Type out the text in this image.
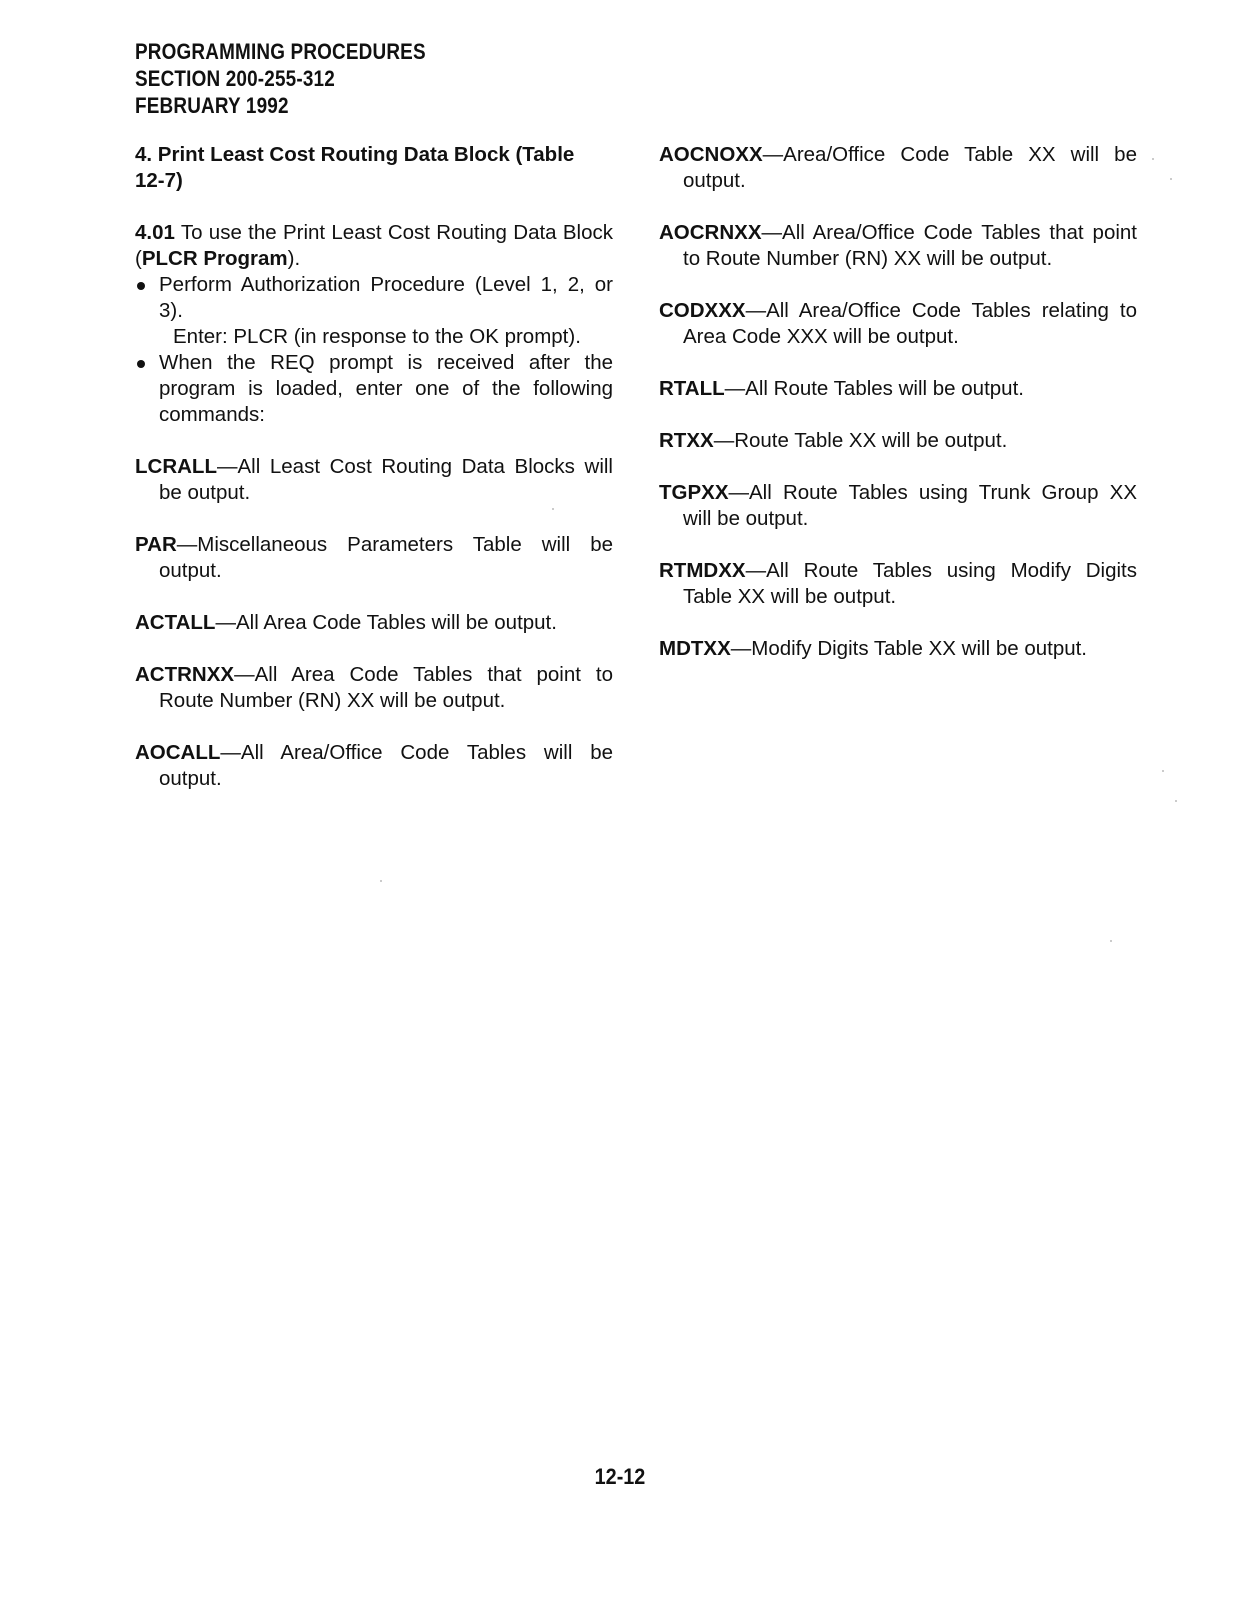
PROGRAMMING PROCEDURES
SECTION 200-255-312
FEBRUARY 1992
4. Print Least Cost Routing Data Block (Table
12-7)

4.01 To use the Print Least Cost Routing Data Block (PLCR Program).

Perform Authorization Procedure (Level 1, 2, or 3).

Enter: PLCR (in response to the OK prompt).

When the REQ prompt is received after the program is loaded, enter one of the following commands:

LCRALL—All Least Cost Routing Data Blocks will be output.

PAR—Miscellaneous Parameters Table will be output.

ACTALL—All Area Code Tables will be output.

ACTRNXX—All Area Code Tables that point to Route Number (RN) XX will be output.

AOCALL—All Area/Office Code Tables will be output.

AOCNOXX—Area/Office Code Table XX will be output.

AOCRNXX—All Area/Office Code Tables that point to Route Number (RN) XX will be output.

CODXXX—All Area/Office Code Tables relating to Area Code XXX will be output.

RTALL—All Route Tables will be output.

RTXX—Route Table XX will be output.

TGPXX—All Route Tables using Trunk Group XX will be output.

RTMDXX—All Route Tables using Modify Digits Table XX will be output.

MDTXX—Modify Digits Table XX will be output.

12-12
